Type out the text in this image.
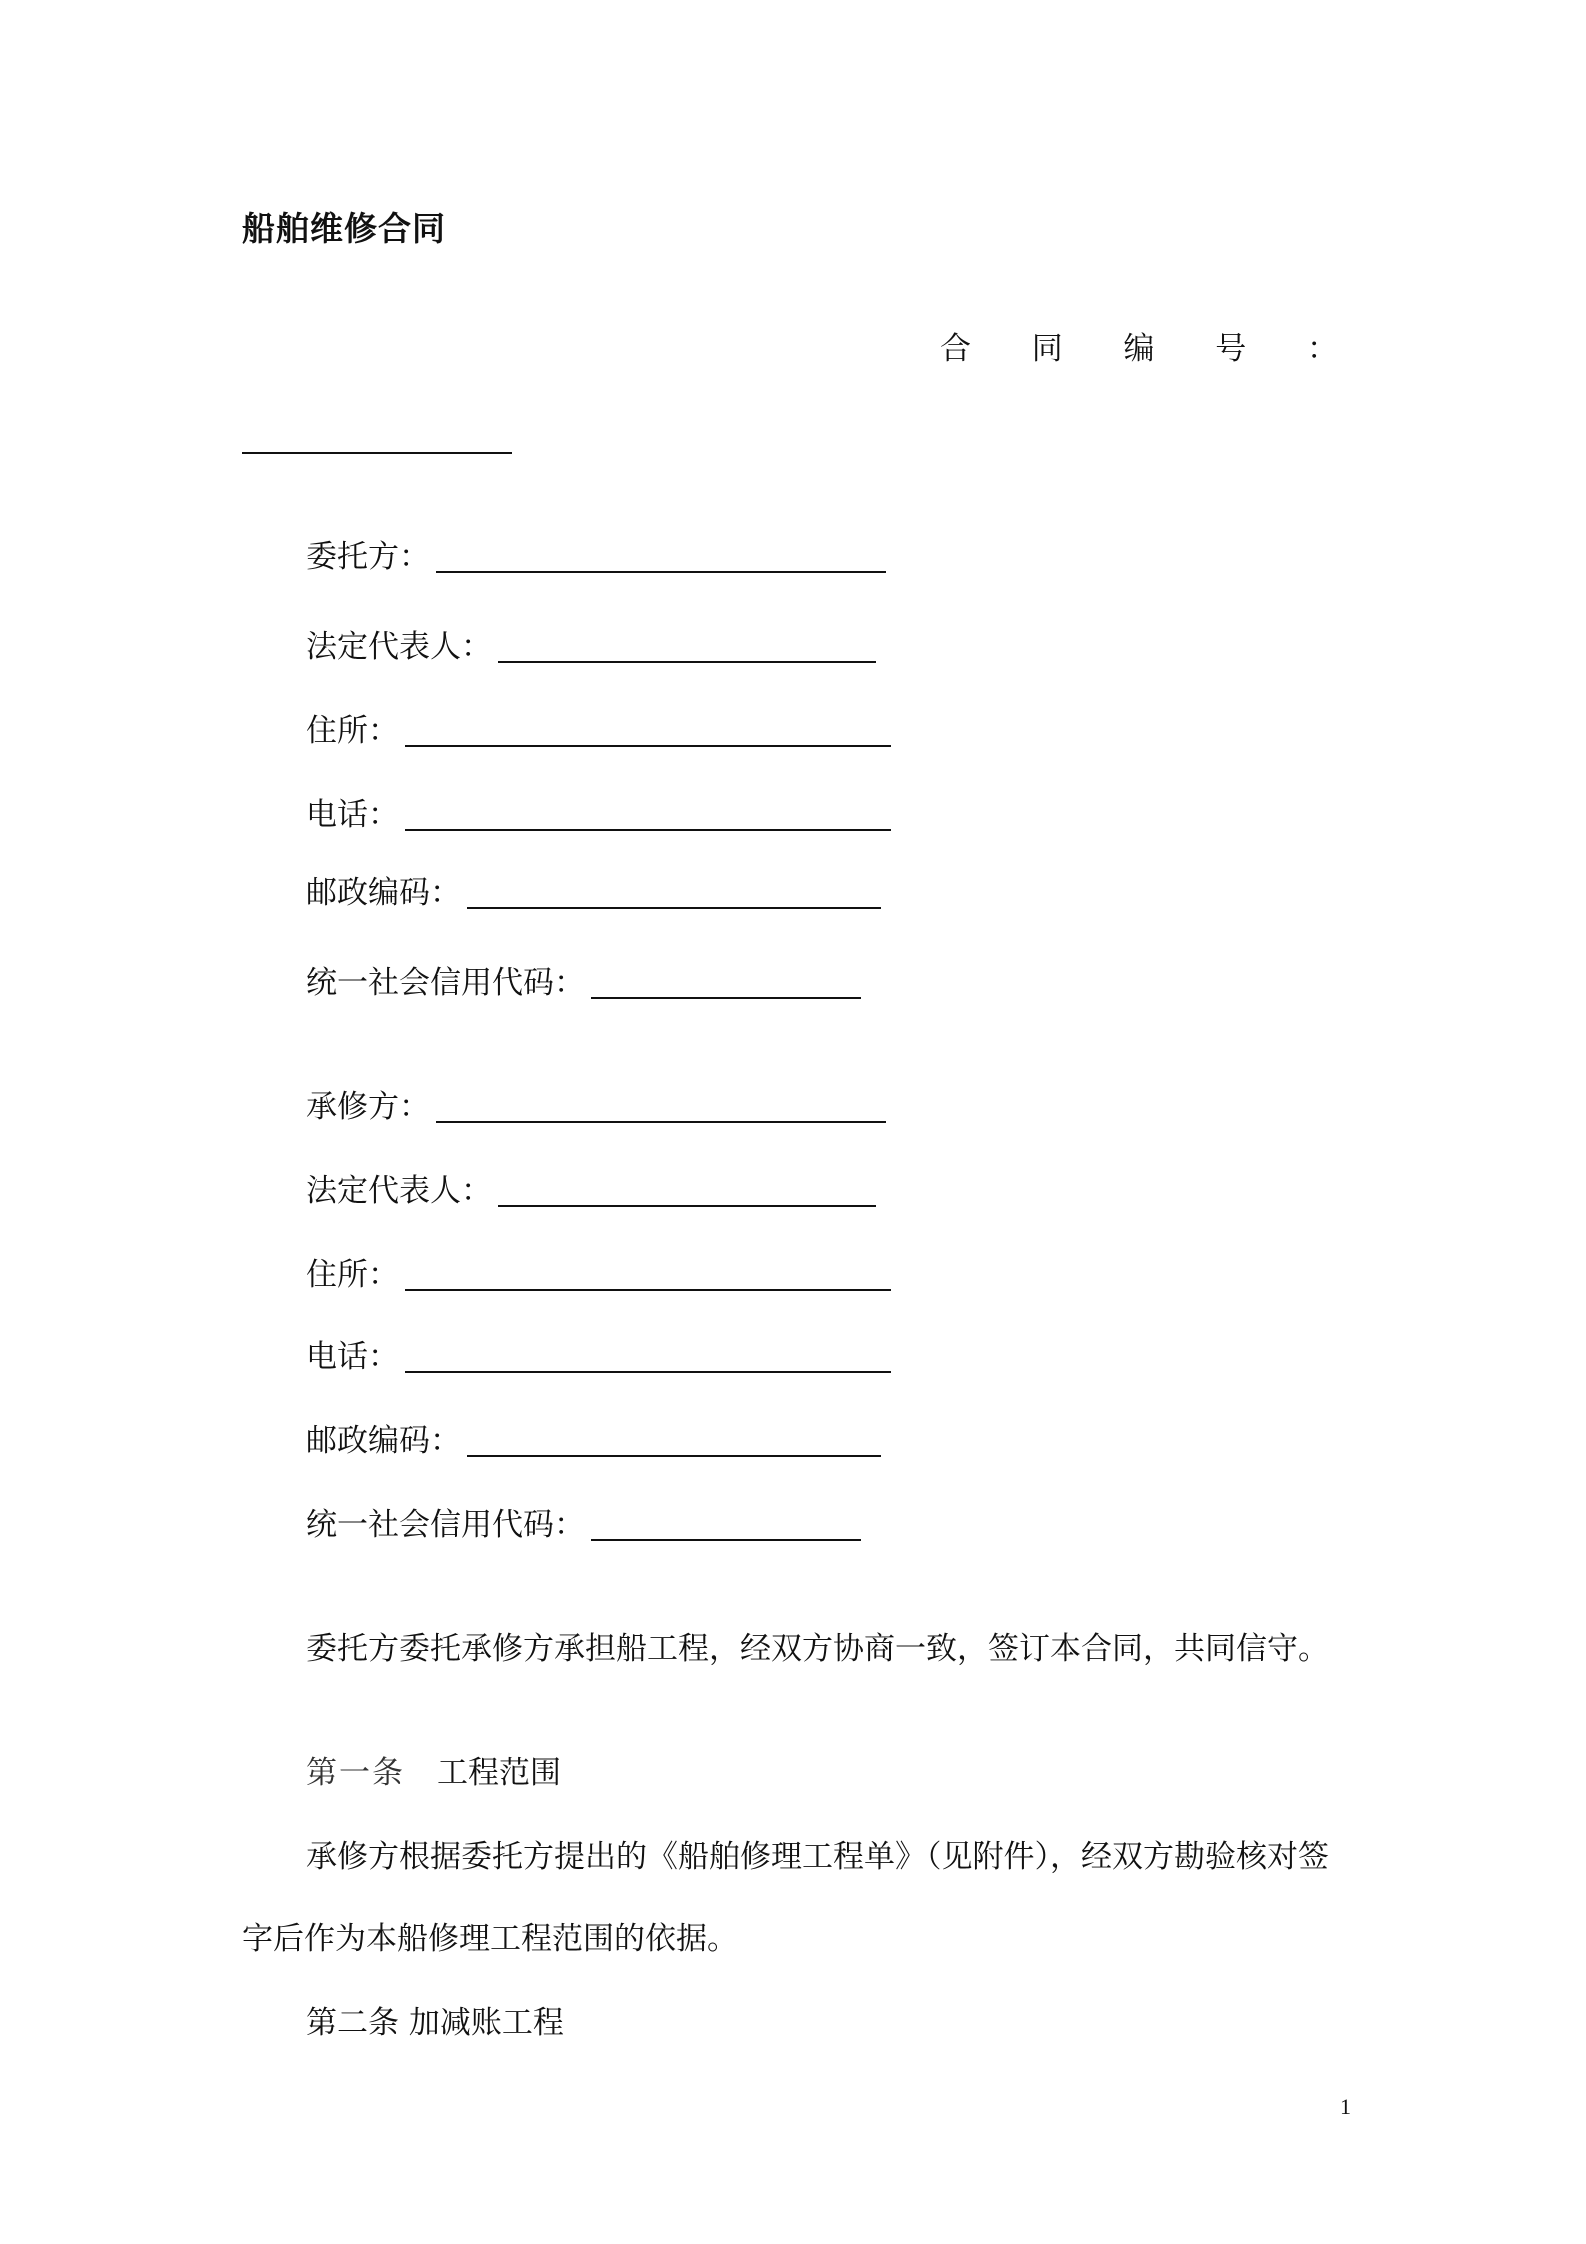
船舶维修合同
合 同 编 号 ：
委托方：
法定代表人：
住所：
电话：
邮政编码：
统一社会信用代码：
承修方：
法定代表人：
住所：
电话：
邮政编码：
统一社会信用代码：
委托方委托承修方承担船工程，经双方协商一致，签订本合同，共同信守。
第一条 工程范围
承修方根据委托方提出的《船舶修理工程单》（见附件），经双方勘验核对签
字后作为本船修理工程范围的依据。
第二条 加减账工程
1
